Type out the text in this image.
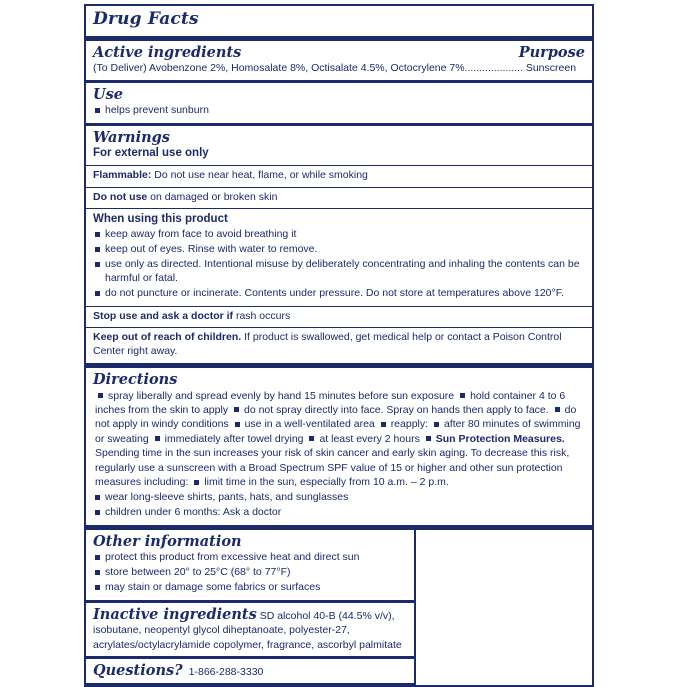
Drug Facts
Active ingredients	Purpose
(To Deliver) Avobenzone 2%, Homosalate 8%, Octisalate 4.5%, Octocrylene 7%.................... Sunscreen
Use
helps prevent sunburn
Warnings
For external use only
Flammable: Do not use near heat, flame, or while smoking
Do not use on damaged or broken skin
When using this product
keep away from face to avoid breathing it
keep out of eyes. Rinse with water to remove.
use only as directed. Intentional misuse by deliberately concentrating and inhaling the contents can be harmful or fatal.
do not puncture or incinerate. Contents under pressure. Do not store at temperatures above 120°F.
Stop use and ask a doctor if rash occurs
Keep out of reach of children. If product is swallowed, get medical help or contact a Poison Control Center right away.
Directions
spray liberally and spread evenly by hand 15 minutes before sun exposure hold container 4 to 6 inches from the skin to apply do not spray directly into face. Spray on hands then apply to face. do not apply in windy conditions use in a well-ventilated area reapply: after 80 minutes of swimming or sweating immediately after towel drying at least every 2 hours Sun Protection Measures. Spending time in the sun increases your risk of skin cancer and early skin aging. To decrease this risk, regularly use a sunscreen with a Broad Spectrum SPF value of 15 or higher and other sun protection measures including: limit time in the sun, especially from 10 a.m. – 2 p.m.
wear long-sleeve shirts, pants, hats, and sunglasses
children under 6 months: Ask a doctor
Other information
protect this product from excessive heat and direct sun
store between 20° to 25°C (68° to 77°F)
may stain or damage some fabrics or surfaces
Inactive ingredients SD alcohol 40-B (44.5% v/v), isobutane, neopentyl glycol diheptanoate, polyester-27, acrylates/octylacrylamide copolymer, fragrance, ascorbyl palmitate
Questions? 1-866-288-3330
